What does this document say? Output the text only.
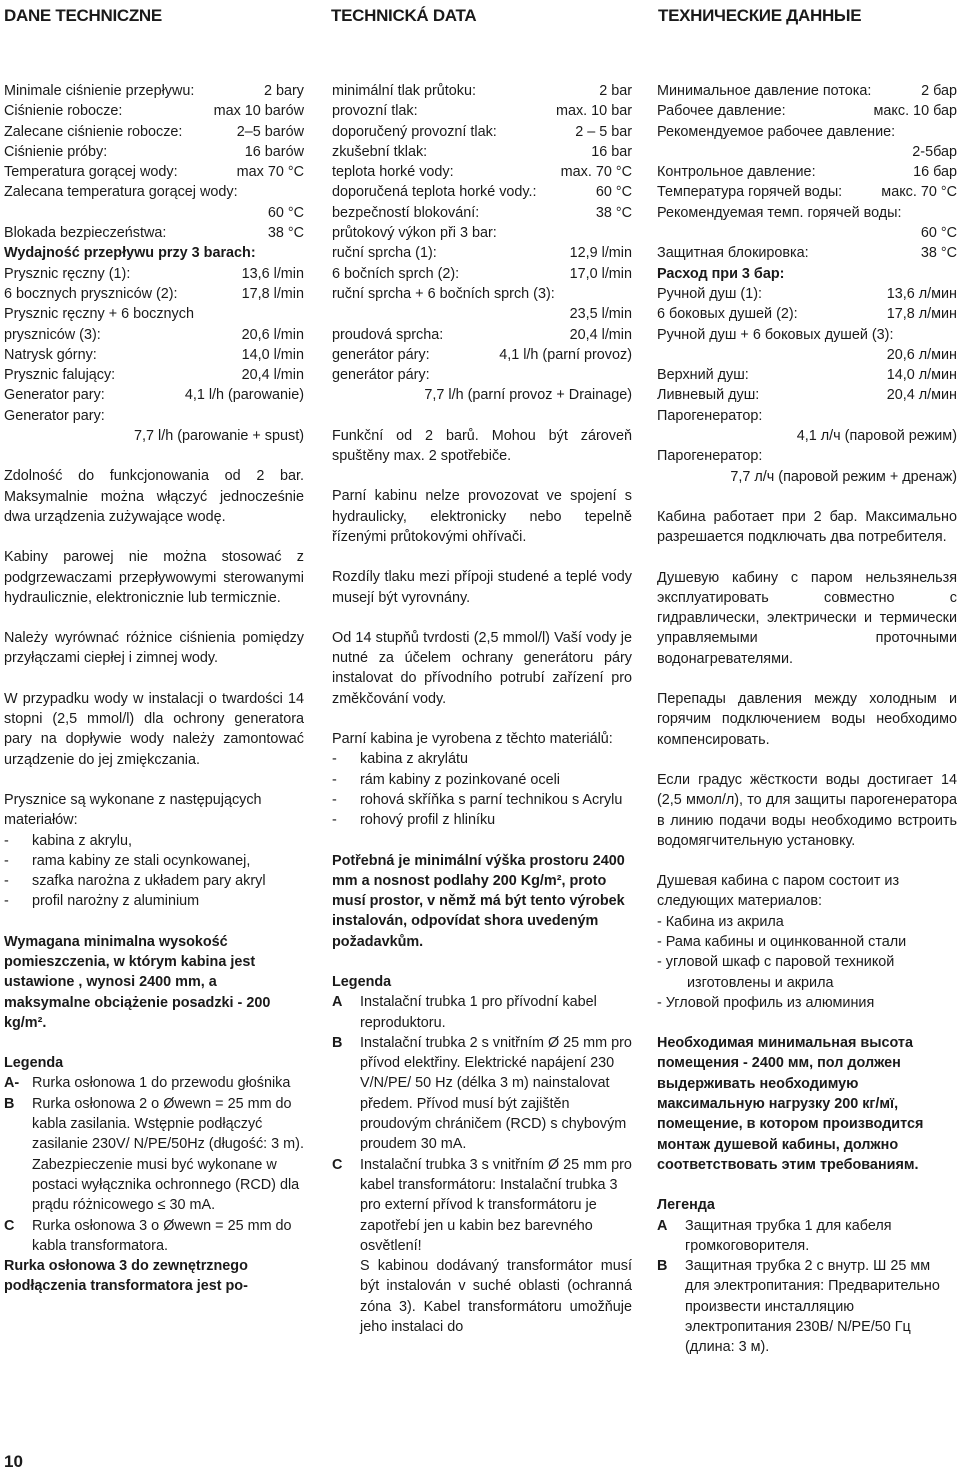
DANE TECHNICZNE	TECHNICKÁ DATA	ТЕХНИЧЕСКИЕ ДАННЫЕ
Minimale ciśnienie przepływu:	2 bary
Ciśnienie robocze:	max 10 barów
Zalecane ciśnienie robocze:	2–5 barów
Ciśnienie próby:	16 barów
Temperatura gorącej wody:	max 70 °C
Zalecana temperatura gorącej wody:
60 °C
Blokada bezpieczeństwa:	38 °C
Wydajność przepływu przy 3 barach:
Prysznic ręczny (1):	13,6 l/min
6 bocznych pryszniców (2):	17,8 l/min
Prysznic ręczny + 6 bocznych
pryszniców (3):	20,6 l/min
Natrysk górny:	14,0 l/min
Prysznic falujący:	20,4 l/min
Generator pary:	4,1 l/h (parowanie)
Generator pary:
7,7 l/h (parowanie + spust)
Zdolność do funkcjonowania od 2 bar. Maksymalnie można włączyć jednocześnie dwa urządzenia zużywające wodę.
Kabiny parowej nie można stosować z podgrzewaczami przepływowymi sterowanymi hydraulicznie, elektronicznie lub termicznie.
Należy wyrównać różnice ciśnienia pomiędzy przyłączami ciepłej i zimnej wody.
W przypadku wody w instalacji o twardości 14 stopni (2,5 mmol/l) dla ochrony generatora pary na dopływie wody należy zamontować urządzenie do jej zmiękczania.
Prysznice są wykonane z następujących materiałów:
-	kabina z akrylu,
-	rama kabiny ze stali ocynkowanej,
-	szafka narożna z układem pary akryl
-	profil narożny z aluminium
Wymagana minimalna wysokość pomieszczenia, w którym kabina jest ustawione , wynosi 2400 mm, a maksymalne obciążenie posadzki - 200 kg/m².
Legenda
A- Rurka osłonowa 1 do przewodu głośnika
B	Rurka osłonowa 2 o Øwewn = 25 mm do kabla zasilania. Wstępnie podłączyć zasilanie 230V/ N/PE/50Hz (długość: 3 m). Zabezpieczenie musi być wykonane w postaci wyłącznika ochronnego (RCD) dla prądu różnicowego ≤ 30 mA.
C	Rurka osłonowa 3 o Øwewn = 25 mm do kabla transformatora.
Rurka osłonowa 3 do zewnętrznego podłączenia transformatora jest po-
minimální tlak průtoku:	2 bar
provozní tlak:	max. 10 bar
doporučený provozní tlak:	2 – 5 bar
zkušební tklak:	16 bar
teplota horké vody:	max. 70 °C
doporučená teplota horké vody.:	60 °C
bezpečností blokování:	38 °C
průtokový výkon při 3 bar:
ruční sprcha (1):	12,9 l/min
6 bočních sprch (2):	17,0 l/min
ruční sprcha + 6 bočních sprch (3):
23,5 l/min
proudová sprcha:	20,4 l/min
generátor páry:	4,1 l/h (parní provoz)
generátor páry:
7,7 l/h (parní provoz + Drainage)
Funkční od 2 barů. Mohou být zároveň spuštěny max. 2 spotřebiče.
Parní kabinu nelze provozovat ve spojení s hydraulicky, elektronicky nebo tepelně řízenými průtokovými ohřívači.
Rozdíly tlaku mezi přípoji studené a teplé vody musejí být vyrovnány.
Od 14 stupňů tvrdosti (2,5 mmol/l) Vaší vody je nutné za účelem ochrany generátoru páry instalovat do přívodního potrubí zařízení pro změkčování vody.
Parní kabina je vyrobena z těchto materiálů:
-	kabina z akrylátu
-	rám kabiny z pozinkované oceli
-	rohová skříňka s parní technikou s Acrylu
-	rohový profil z hliníku
Potřebná je minimální výška prostoru 2400 mm a nosnost podlahy 200 Kg/m², proto musí prostor, v němž má být tento výrobek instalován, odpovídat shora uvedeným požadavkům.
Legenda
A	Instalační trubka 1 pro přívodní kabel reproduktoru.
B	Instalační trubka 2 s vnitřním Ø 25 mm pro přívod elektřiny. Elektrické napájení 230 V/N/PE/ 50 Hz (délka 3 m) nainstalovat předem. Přívod musí být zajištěn proudovým chráničem (RCD) s chybovým proudem 30 mA.
C	Instalační trubka 3 s vnitřním Ø 25 mm pro kabel transformátoru: Instalační trubka 3 pro externí přívod k transformátoru je zapotřebí jen u kabin bez barevného osvětlení!
S kabinou dodávaný transformátor musí být instalován v suché oblasti (ochranná zóna 3). Kabel transformátoru umožňuje jeho instalaci do
Минимальное давление потока:	2 бар
Рабочее давление:	макс. 10 бар
Рекомендуемое рабочее давление:
2-5бар
Контрольное давление:	16 бар
Температура горячей воды:	макс. 70 °C
Рекомендуемая темп. горячей воды:
60 °C
Защитная блокировка:	38 °C
Расход при 3 бар:
Ручной душ (1):	13,6 л/мин
6 боковых душей (2):	17,8 л/мин
Ручной душ + 6 боковых душей (3):
20,6 л/мин
Верхний душ:	14,0 л/мин
Ливневый душ:	20,4 л/мин
Парогенератор:
4,1 л/ч (паровой режим)
Парогенератор:
7,7 л/ч (паровой режим + дренаж)
Кабина работает при 2 бар. Максимально разрешается подключать два потребителя.
Душевую кабину с паром нельзянельзя эксплуатировать совместно с гидравлически, электрически и термически управляемыми проточными водонагревателями.
Перепады давления между холодным и горячим подключением воды необходимо компенсировать.
Если градус жёсткости воды достигает 14 (2,5 ммол/л), то для защиты парогенератора в линию подачи воды необходимо встроить водомягчительную установку.
Душевая кабина с паром состоит из следующих материалов:
- Кабина из акрила
- Рама кабины и оцинкованной стали
- угловой шкаф с паровой техникой
изготовлены и акрила
- Угловой профиль из алюминия
Необходимая минимальная высота помещения - 2400 мм, пол должен выдерживать необходимую максимальную нагрузку 200 кг/мї, помещение, в котором производится монтаж душевой кабины, должно соответствовать этим требованиям.
Легенда
A	Защитная трубка 1 для кабеля громкоговорителя.
B	Защитная трубка 2 с внутр. Ш 25 мм для электропитания: Предварительно произвести инсталляцию электропитания 230В/ N/PE/50 Гц (длина: 3 м).
10
